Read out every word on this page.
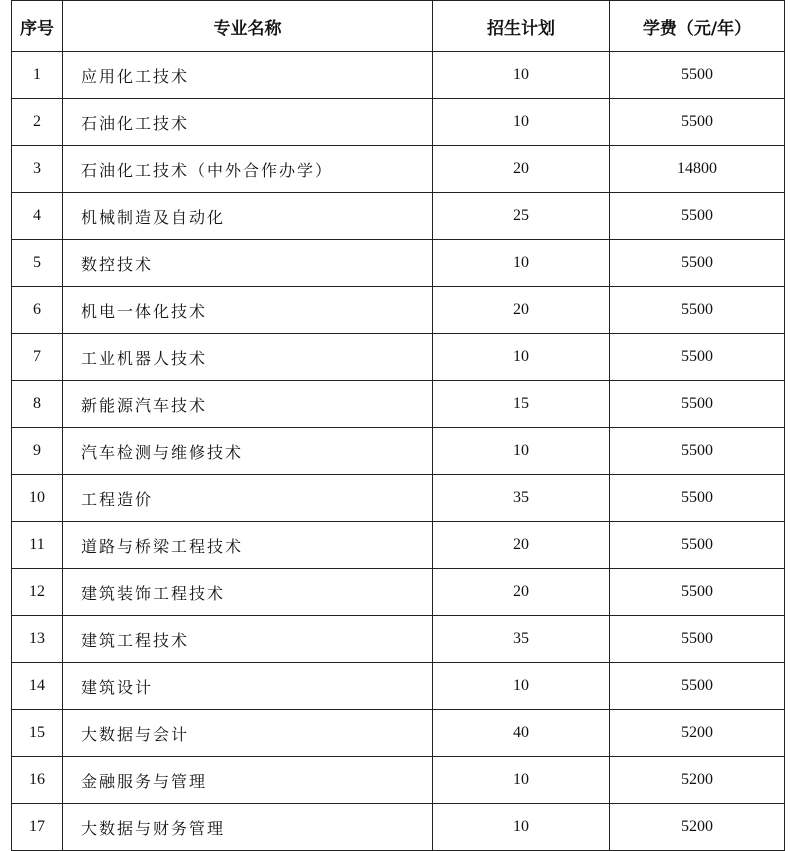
序号	专业名称	招生计划	学费（元/年）
1	应用化工技术	10	5500
2	石油化工技术	10	5500
3	石油化工技术（中外合作办学）	20	14800
4	机械制造及自动化	25	5500
5	数控技术	10	5500
6	机电一体化技术	20	5500
7	工业机器人技术	10	5500
8	新能源汽车技术	15	5500
9	汽车检测与维修技术	10	5500
10	工程造价	35	5500
11	道路与桥梁工程技术	20	5500
12	建筑装饰工程技术	20	5500
13	建筑工程技术	35	5500
14	建筑设计	10	5500
15	大数据与会计	40	5200
16	金融服务与管理	10	5200
17	大数据与财务管理	10	5200
